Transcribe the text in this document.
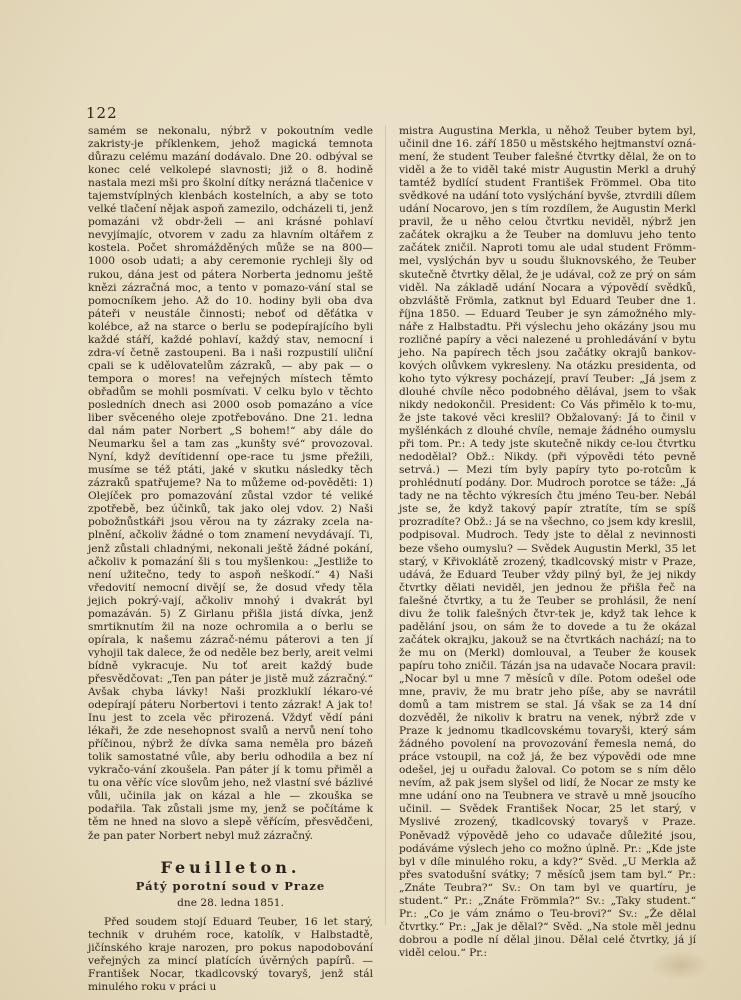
122

samém se nekonalu, nýbrž v pokoutním vedle zakristy-je příklenkem, jehož magická temnota důrazu celému mazání dodávalo. Dne 20. odbýval se konec celé velkolepé slavnosti; již o 8. hodině nastala mezi mši pro školní dítky nerázná tlačenice v tajemstvíplných klenbách kostelních, a aby se toto velké tlačení nějak aspoň zamezilo, odcházeli ti, jenž pomazáni vž obdr-želi — ani krásné pohlaví nevyjímajíc, otvorem v zadu za hlavním oltářem z kostela. Počet shromážděných může se na 800—1000 osob udati; a aby ceremonie rychleji šly od rukou, dána jest od pátera Norberta jednomu ještě knězi zázračná moc, a tento v pomazo-vání stal se pomocníkem jeho. Až do 10. hodiny byli oba dva páteři v neustále činnosti; neboť od děťátka v kolébce, až na starce o berlu se podepírajícího byli každé stáří, každé pohlaví, každý stav, nemocní i zdra-ví četně zastoupeni. Ba i naši rozpustilí uliční cpali se k udělovatelům zázraků, — aby pak — o tempora o mores! na veřejných místech těmto obřadům se mohli posmívati. V celku bylo v těchto posledních dnech asi 2000 osob pomazáno a více liber svěceného oleje zpotřebováno. Dne 21. ledna dal nám pater Norbert „S bohem!“ aby dále do Neumarku šel a tam zas „kunšty své“ provozoval. Nyní, když devítidenní ope-race tu jsme přežili, musíme se též ptáti, jaké v skutku následky těch zázraků spatřujeme? Na to můžeme od-pověděti: 1) Olejíček pro pomazování zůstal vzdor té veliké zpotřebě, bez účinků, tak jako olej vdov. 2) Naši pobožnůstkáři jsou věrou na ty zázraky zcela na-plnění, ačkoliv žádné o tom znamení nevydávají. Ti, jenž zůstali chladnými, nekonali ještě žádné pokání, ačkoliv k pomazání šli s tou myšlenkou: „Jestliže to není užitečno, tedy to aspoň neškodí.“ 4) Naši vředovití nemocní divějí se, že dosud vředy těla jejich pokrý-vají, ačkoliv mnohý i dvakrát byl pomazáván. 5) Z Girlanu přišla jistá dívka, jenž smrtiknutím žil na noze ochromila a o berlu se opírala, k našemu zázrač-nému páterovi a ten jí vyhojil tak dalece, že od neděle bez berly, areit velmi bídně vykracuje. Nu toť areit každý bude přesvědčovat: „Ten pan páter je jistě muž zázračný.“ Avšak chyba lávky! Naši prozkluklí lékaro-vé odepírají páteru Norbertovi i tento zázrak! A jak to! Inu jest to zcela věc přirozená. Vždyť vědí páni lékaři, že zde nesehopnost svalů a nervů není toho příčinou, nýbrž že dívka sama neměla pro bázeň tolik samostatné vůle, aby berlu odhodila a bez ní vykračo-vání zkoušela. Pan páter jí k tomu přiměl a tu ona věříc více slovům jeho, než vlastní své bázlivé vůli, učinila jak on kázal a hle — zkouška se podařila. Tak zůstali jsme my, jenž se počítáme k těm ne hned na slovo a slepě věřícím, přesvědčeni, že pan pater Norbert nebyl muž zázračný.

Feuilleton.
Pátý porotní soud v Praze
dne 28. ledna 1851.

Před soudem stojí Eduard Teuber, 16 let starý, technik v druhém roce, katolík, v Halbstadtě, jičínského kraje narozen, pro pokus napodobování veřejných za mincí platících úvěrných papírů. — František Nocar, tkadlcovský tovaryš, jenž stál minulého roku v práci u

mistra Augustina Merkla, u něhož Teuber bytem byl, učinil dne 16. září 1850 u městského hejtmanství ozná-mení, že student Teuber falešné čtvrtky dělal, že on to viděl a že to viděl také mistr Augustin Merkl a druhý tamtéž bydlící student František Frömmel. Oba tito svědkové na udání toto vyslýchání byvše, ztvrdili dílem udání Nocarovo, jen s tím rozdílem, že Augustin Merkl pravil, že u něho celou čtvrtku neviděl, nýbrž jen začátek okrajku a že Teuber na domluvu jeho tento začátek zničil. Naproti tomu ale udal student Frömm-mel, vyslýchán byv u soudu šluknovského, že Teuber skutečně čtvrtky dělal, že je udával, což ze prý on sám viděl. Na základě udání Nocara a výpovědí svědků, obzvláště Frömla, zatknut byl Eduard Teuber dne 1. října 1850. — Eduard Teuber je syn zámožného mly-náře z Halbstadtu. Při výslechu jeho okázány jsou mu rozličné papíry a věci nalezené u prohledávání v bytu jeho. Na papírech těch jsou začátky okrajů bankov-kových olůvkem vykresleny. Na otázku presidenta, od koho tyto výkresy pocházejí, praví Teuber: „Já jsem z dlouhé chvíle něco podobného dělával, jsem to však nikdy nedokončil. President: Co Vás přimělo k to-mu, že jste takové věci kreslil? Obžalovaný: Já to činil v myšlénkách z dlouhé chvíle, nemaje žádného oumyslu při tom. Pr.: A tedy jste skutečně nikdy ce-lou čtvrtku nedodělal? Obž.: Nikdy. (při výpovědi této pevně setrvá.) — Mezi tím byly papíry tyto po-rotcům k prohlédnutí podány. Dor. Mudroch porotce se táže: „Já tady ne na těchto výkresích čtu jméno Teu-ber. Nebál jste se, že když takový papír ztratíte, tím se spíš prozradíte? Obž.: Já se na všechno, co jsem kdy kreslil, podpisoval. Mudroch. Tedy jste to dělal z nevinnosti beze všeho oumyslu? — Svědek Augustin Merkl, 35 let starý, v Křivoklátě zrozený, tkadlcovský mistr v Praze, udává, že Eduard Teuber vždy pilný byl, že jej nikdy čtvrtky dělati neviděl, jen jednou že přišla řeč na falešné čtvrtky, a tu že Teuber se prohlásil, že není divu že tolik falešných čtvr-tek je, když tak lehce k padělání jsou, on sám že to dovede a tu že okázal začátek okrajku, jakouž se na čtvrtkách nachází; na to že mu on (Merkl) domlouval, a Teuber že kousek papíru toho zničil. Tázán jsa na udavače Nocara pravil: „Nocar byl u mne 7 měsíců v díle. Potom odešel ode mne, praviv, že mu bratr jeho píše, aby se navrátil domů a tam mistrem se stal. Já však se za 14 dní dozvěděl, že nikoliv k bratru na venek, nýbrž zde v Praze k jednomu tkadlcovskému tovaryši, který sám žádného povolení na provozování řemesla nemá, do práce vstoupil, na což já, že bez výpovědi ode mne odešel, jej u ouřadu žaloval. Co potom se s ním dělo nevím, až pak jsem slyšel od lidí, že Nocar ze msty ke mne udání ono na Teubnera ve stravě u mně jsoucího učinil. — Svědek František Nocar, 25 let starý, v Myslivé zrozený, tkadlcovský tovaryš v Praze. Poněvadž výpovědě jeho co udavače důležité jsou, podáváme výslech jeho co možno úplně. Pr.: „Kde jste byl v díle minulého roku, a kdy?“ Svěd. „U Merkla až přes svatodušní svátky; 7 měsíců jsem tam byl.“ Pr.: „Znáte Teubra?“ Sv.: On tam byl ve quartíru, je student.“ Pr.: „Znáte Frömmla?“ Sv.: „Taky student.“ Pr.: „Co je vám známo o Teu-brovi?“ Sv.: „Že dělal čtvrtky.“ Pr.: „Jak je dělal?“ Svěd. „Na stole měl jednu dobrou a podle ní dělal jinou. Dělal celé čtvrtky, já jí viděl celou.“ Pr.:
